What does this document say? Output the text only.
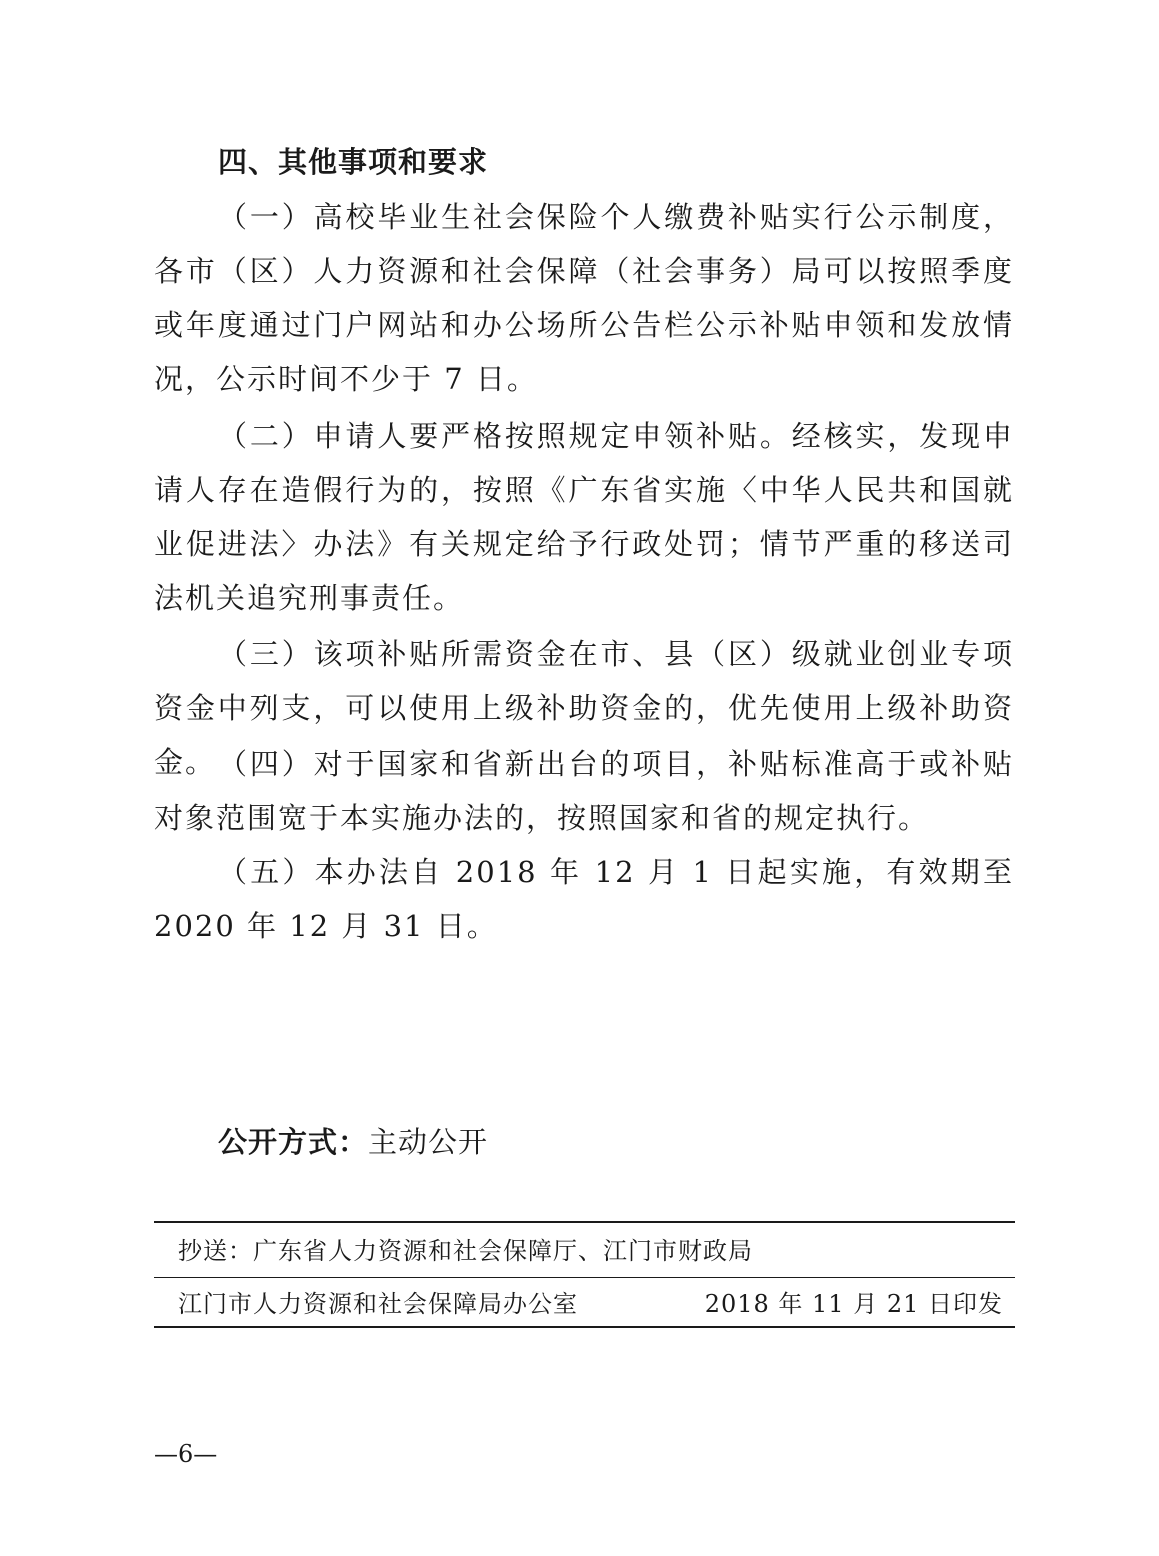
四、其他事项和要求

（一）高校毕业生社会保险个人缴费补贴实行公示制度，各市（区）人力资源和社会保障（社会事务）局可以按照季度或年度通过门户网站和办公场所公告栏公示补贴申领和发放情况，公示时间不少于 7 日。

（二）申请人要严格按照规定申领补贴。经核实，发现申请人存在造假行为的，按照《广东省实施〈中华人民共和国就业促进法〉办法》有关规定给予行政处罚；情节严重的移送司法机关追究刑事责任。

（三）该项补贴所需资金在市、县（区）级就业创业专项资金中列支，可以使用上级补助资金的，优先使用上级补助资金。 （四）对于国家和省新出台的项目，补贴标准高于或补贴对象范围宽于本实施办法的，按照国家和省的规定执行。

（五）本办法自 2018 年 12 月 1 日起实施，有效期至 2020 年 12 月 31 日。

公开方式：主动公开
抄送：广东省人力资源和社会保障厅、江门市财政局
江门市人力资源和社会保障局办公室	2018 年 11 月 21 日印发
—6—
